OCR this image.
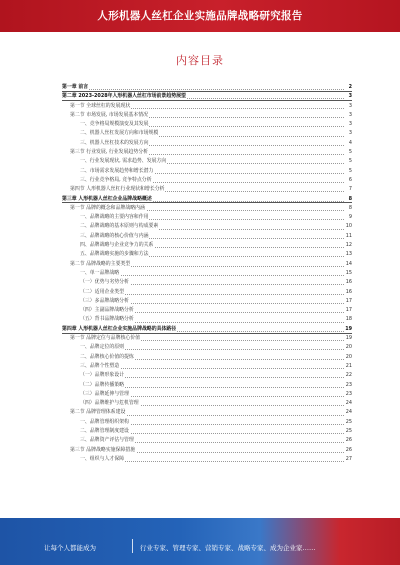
人形机器人丝杠企业实施品牌战略研究报告
内容目录
第一章 前言	2
第二章 2023-2028年人形机器人丝杠市场前景趋势展望	3
第一节 全球丝杠的发展现状	3
第二节 市场发展, 市场发展基本情况	3
一、竞争格局规模演变及其发展	3
二、机器人丝杠发展方向和市场规模	3
三、机器人丝杠技术的发展方向	4
第三节 行业发展, 行业发展趋势分析	5
一、行业发展现状, 需求趋势、发展方向	5
二、市场需求发展趋势和增长潜力	5
三、行业竞争格局, 竞争特点分析	6
第四节 人形机器人丝杠行业现状和增长分析	7
第三章 人形机器人丝杠企业品牌战略概述	8
第一节 品牌的概念和品牌战略内涵	8
一、品牌战略的主要内容和作用	9
二、品牌战略的基本原则与构成要素	10
三、品牌战略的核心价值与内涵	11
四、品牌战略与企业竞争力的关系	12
五、品牌战略实施的步骤和方法	13
第二节 品牌战略的主要类型	14
一、单一品牌战略	15
（一）优势与劣势分析	16
（二）适用企业类型	16
（三）多品牌战略分析	17
（四）主副品牌战略分析	17
（五）背书品牌战略分析	18
第四章 人形机器人丝杠企业实施品牌战略的具体路径	19
第一节 品牌定位与品牌核心价值	19
一、品牌定位的原则	20
二、品牌核心价值的提炼	20
三、品牌个性塑造	21
（一）品牌形象设计	22
（二）品牌传播策略	23
（三）品牌延伸与管理	23
（四）品牌维护与危机管理	24
第二节 品牌管理体系建设	24
一、品牌管理组织架构	25
二、品牌管理制度建设	25
三、品牌资产评估与管理	26
第三节 品牌战略实施保障措施	26
一、组织与人才保障	27
让每个人都能成为	行业专家、管理专家、营销专家、战略专家、成为企业家……
